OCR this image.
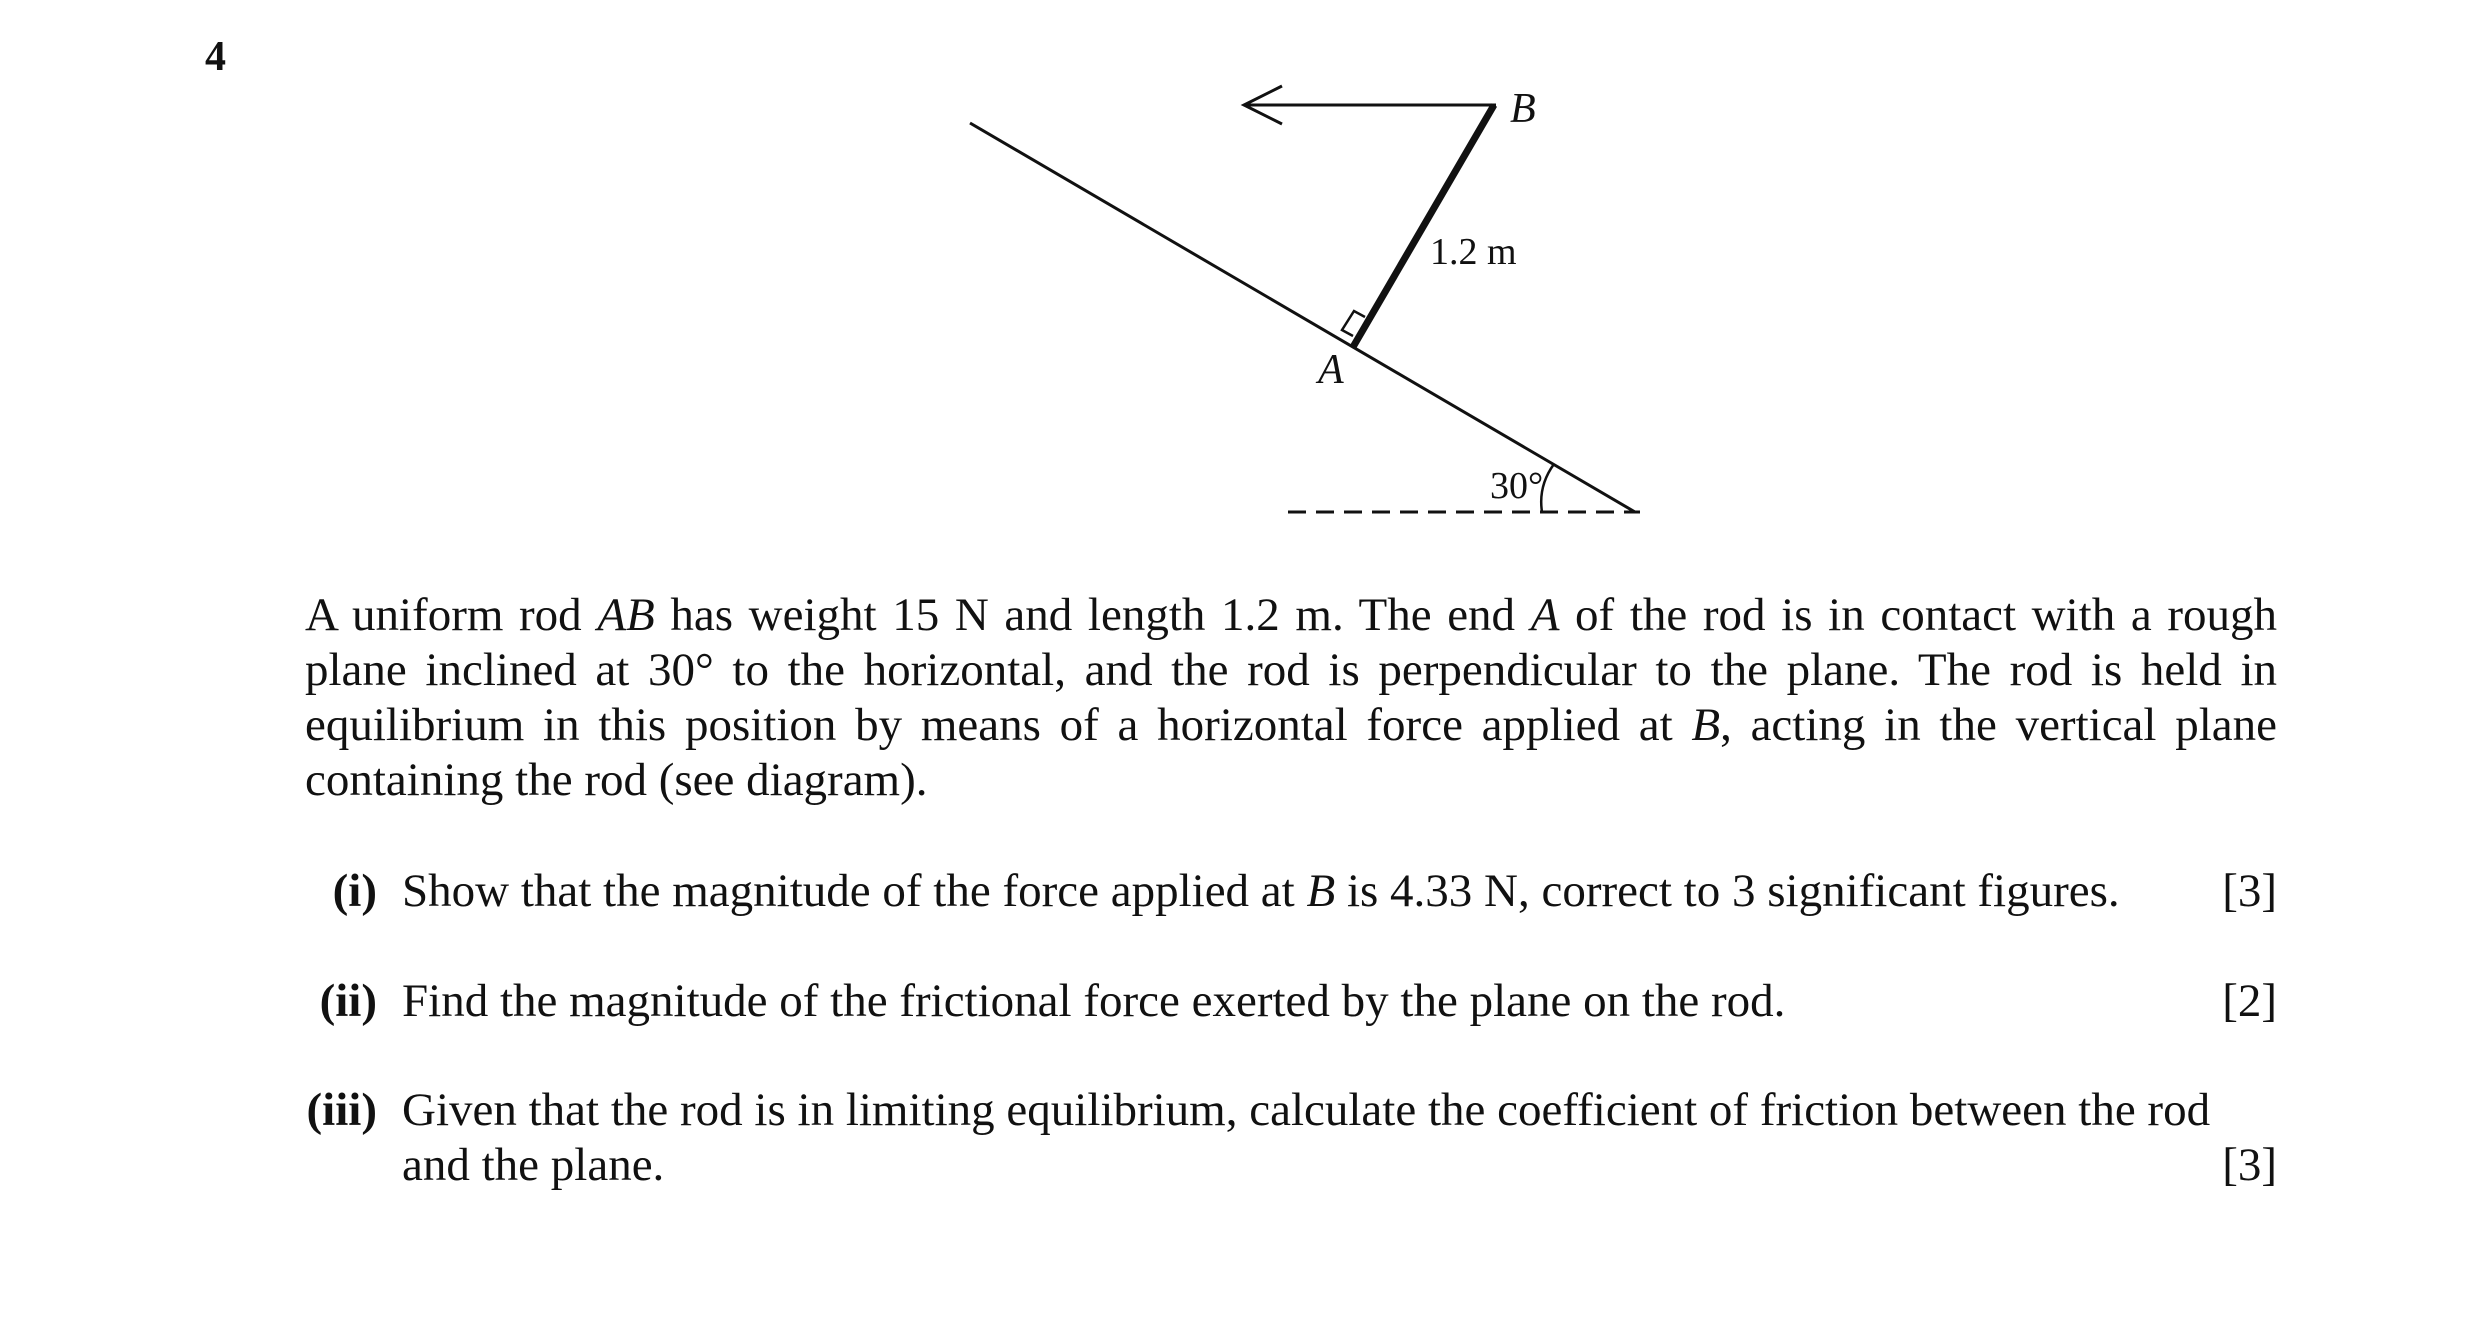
4
B
A
1.2 m
30°
A uniform rod AB has weight 15 N and length 1.2 m. The end A of the rod is in contact with a rough plane inclined at 30° to the horizontal, and the rod is perpendicular to the plane. The rod is held in equilibrium in this position by means of a horizontal force applied at B, acting in the vertical plane containing the rod (see diagram).
(i) Show that the magnitude of the force applied at B is 4.33 N, correct to 3 significant figures. [3]
(ii) Find the magnitude of the frictional force exerted by the plane on the rod.	[2]
(iii) Given that the rod is in limiting equilibrium, calculate the coefficient of friction between the rod
and the plane.	[3]
